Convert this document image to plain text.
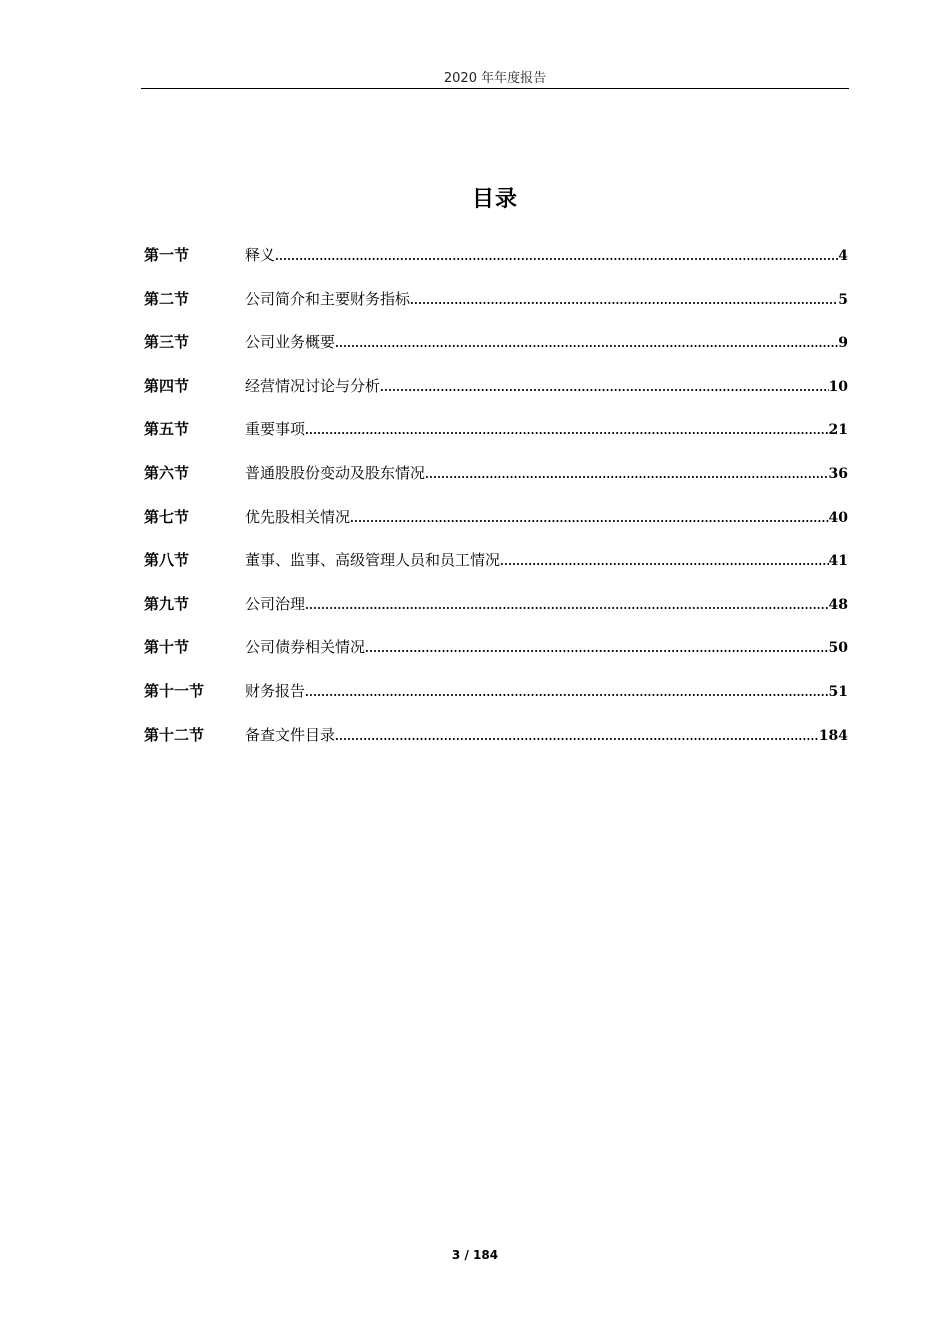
2020 年年度报告
目录
第一节	释义 .....	4
第二节	公司简介和主要财务指标 .....	5
第三节	公司业务概要 .....	9
第四节	经营情况讨论与分析 .....	10
第五节	重要事项 .....	21
第六节	普通股股份变动及股东情况 .....	36
第七节	优先股相关情况 .....	40
第八节	董事、监事、高级管理人员和员工情况 .....	41
第九节	公司治理 .....	48
第十节	公司债券相关情况 .....	50
第十一节	财务报告 .....	51
第十二节	备查文件目录 .....	184
3 / 184
